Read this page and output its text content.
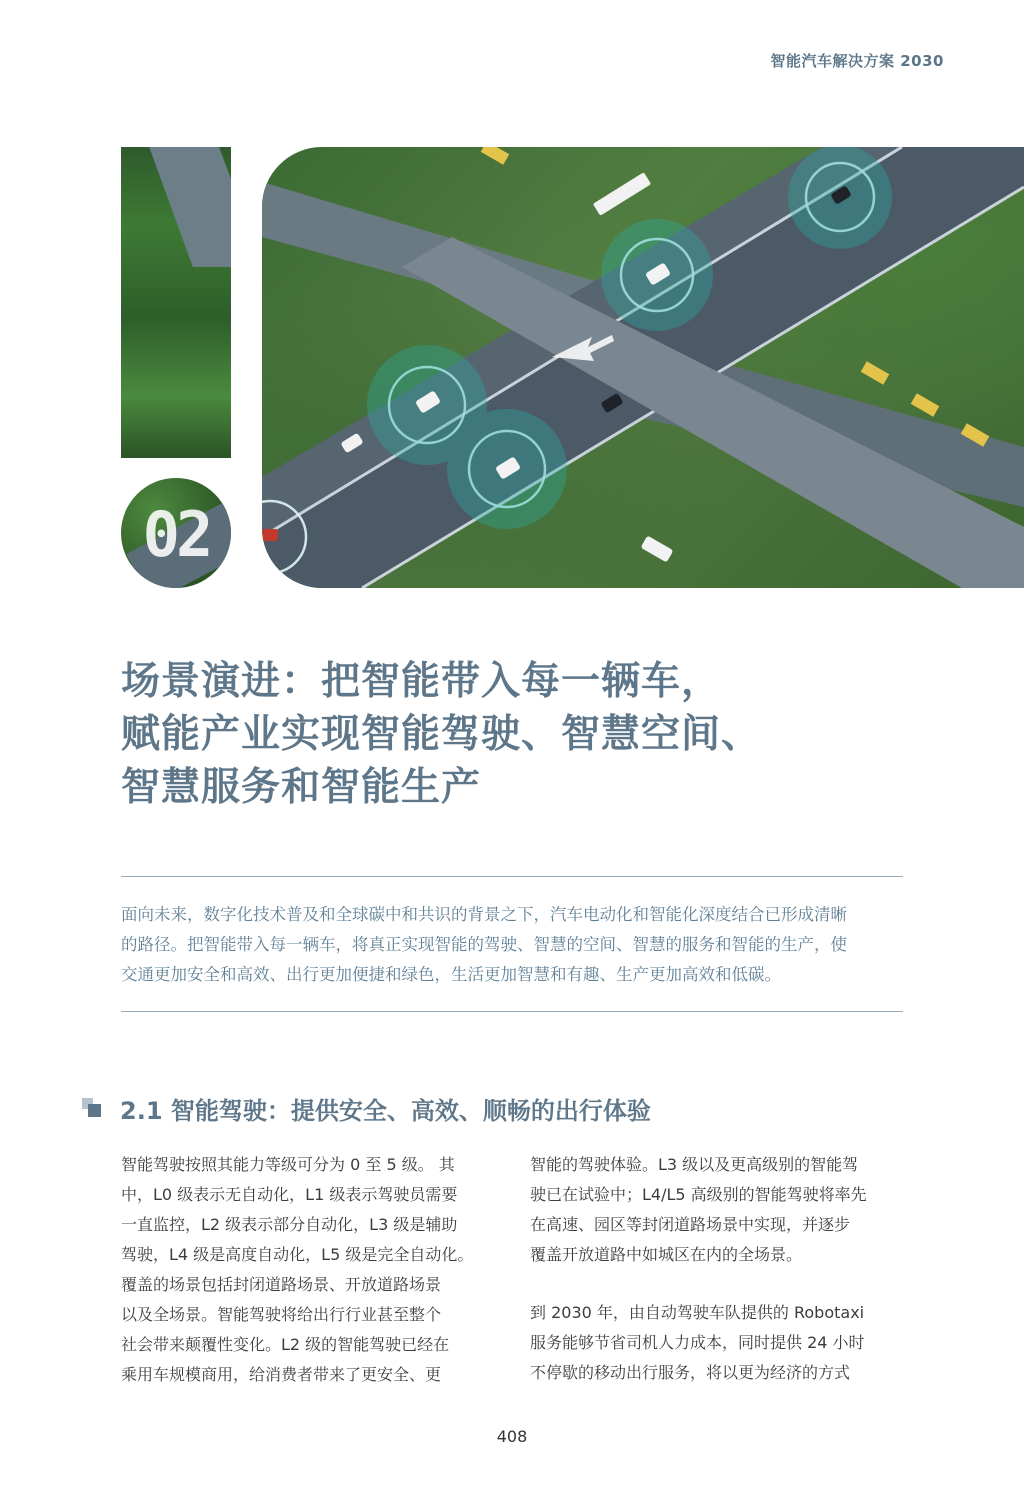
智能汽车解决方案 2030
02
场景演进：把智能带入每一辆车，
赋能产业实现智能驾驶、智慧空间、
智慧服务和智能生产
面向未来，数字化技术普及和全球碳中和共识的背景之下，汽车电动化和智能化深度结合已形成清晰
的路径。把智能带入每一辆车，将真正实现智能的驾驶、智慧的空间、智慧的服务和智能的生产，使
交通更加安全和高效、出行更加便捷和绿色，生活更加智慧和有趣、生产更加高效和低碳。
2.1 智能驾驶：提供安全、高效、顺畅的出行体验
智能驾驶按照其能力等级可分为 0 至 5 级。 其
中，L0 级表示无自动化，L1 级表示驾驶员需要
一直监控，L2 级表示部分自动化，L3 级是辅助
驾驶，L4 级是高度自动化，L5 级是完全自动化。
覆盖的场景包括封闭道路场景、开放道路场景
以及全场景。智能驾驶将给出行行业甚至整个
社会带来颠覆性变化。L2 级的智能驾驶已经在
乘用车规模商用，给消费者带来了更安全、更
智能的驾驶体验。L3 级以及更高级别的智能驾
驶已在试验中；L4/L5 高级别的智能驾驶将率先
在高速、园区等封闭道路场景中实现，并逐步
覆盖开放道路中如城区在内的全场景。
到 2030 年，由自动驾驶车队提供的 Robotaxi
服务能够节省司机人力成本，同时提供 24 小时
不停歇的移动出行服务，将以更为经济的方式
408
